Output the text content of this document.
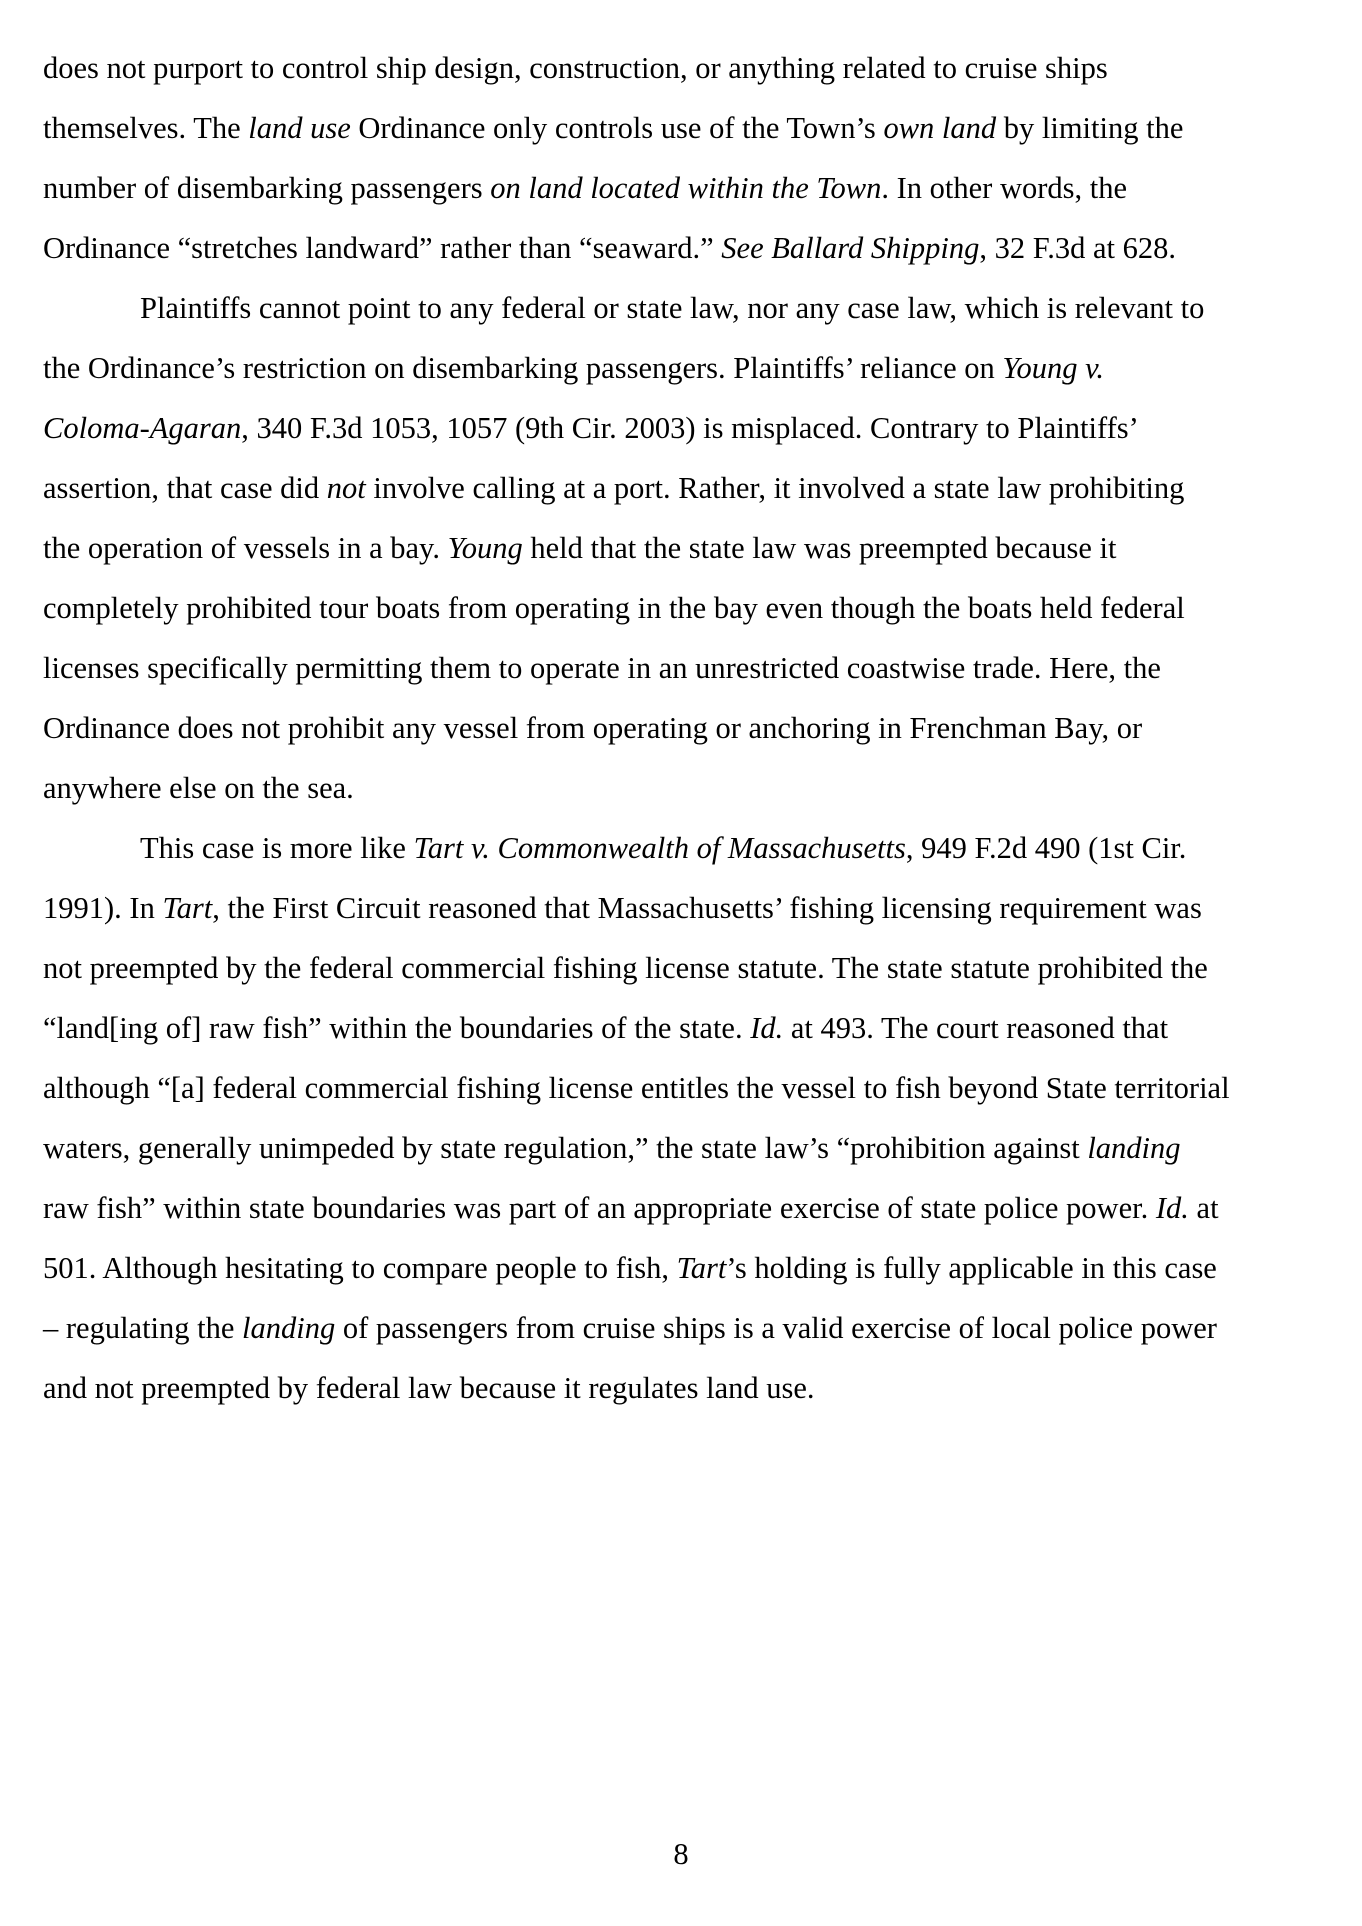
does not purport to control ship design, construction, or anything related to cruise ships
themselves. The land use Ordinance only controls use of the Town’s own land by limiting the
number of disembarking passengers on land located within the Town. In other words, the
Ordinance “stretches landward” rather than “seaward.” See Ballard Shipping, 32 F.3d at 628.
Plaintiffs cannot point to any federal or state law, nor any case law, which is relevant to
the Ordinance’s restriction on disembarking passengers. Plaintiffs’ reliance on Young v.
Coloma-Agaran, 340 F.3d 1053, 1057 (9th Cir. 2003) is misplaced. Contrary to Plaintiffs’
assertion, that case did not involve calling at a port. Rather, it involved a state law prohibiting
the operation of vessels in a bay. Young held that the state law was preempted because it
completely prohibited tour boats from operating in the bay even though the boats held federal
licenses specifically permitting them to operate in an unrestricted coastwise trade. Here, the
Ordinance does not prohibit any vessel from operating or anchoring in Frenchman Bay, or
anywhere else on the sea.
This case is more like Tart v. Commonwealth of Massachusetts, 949 F.2d 490 (1st Cir.
1991). In Tart, the First Circuit reasoned that Massachusetts’ fishing licensing requirement was
not preempted by the federal commercial fishing license statute. The state statute prohibited the
“land[ing of] raw fish” within the boundaries of the state. Id. at 493. The court reasoned that
although “[a] federal commercial fishing license entitles the vessel to fish beyond State territorial
waters, generally unimpeded by state regulation,” the state law’s “prohibition against landing
raw fish” within state boundaries was part of an appropriate exercise of state police power. Id. at
501. Although hesitating to compare people to fish, Tart’s holding is fully applicable in this case
– regulating the landing of passengers from cruise ships is a valid exercise of local police power
and not preempted by federal law because it regulates land use.
8
